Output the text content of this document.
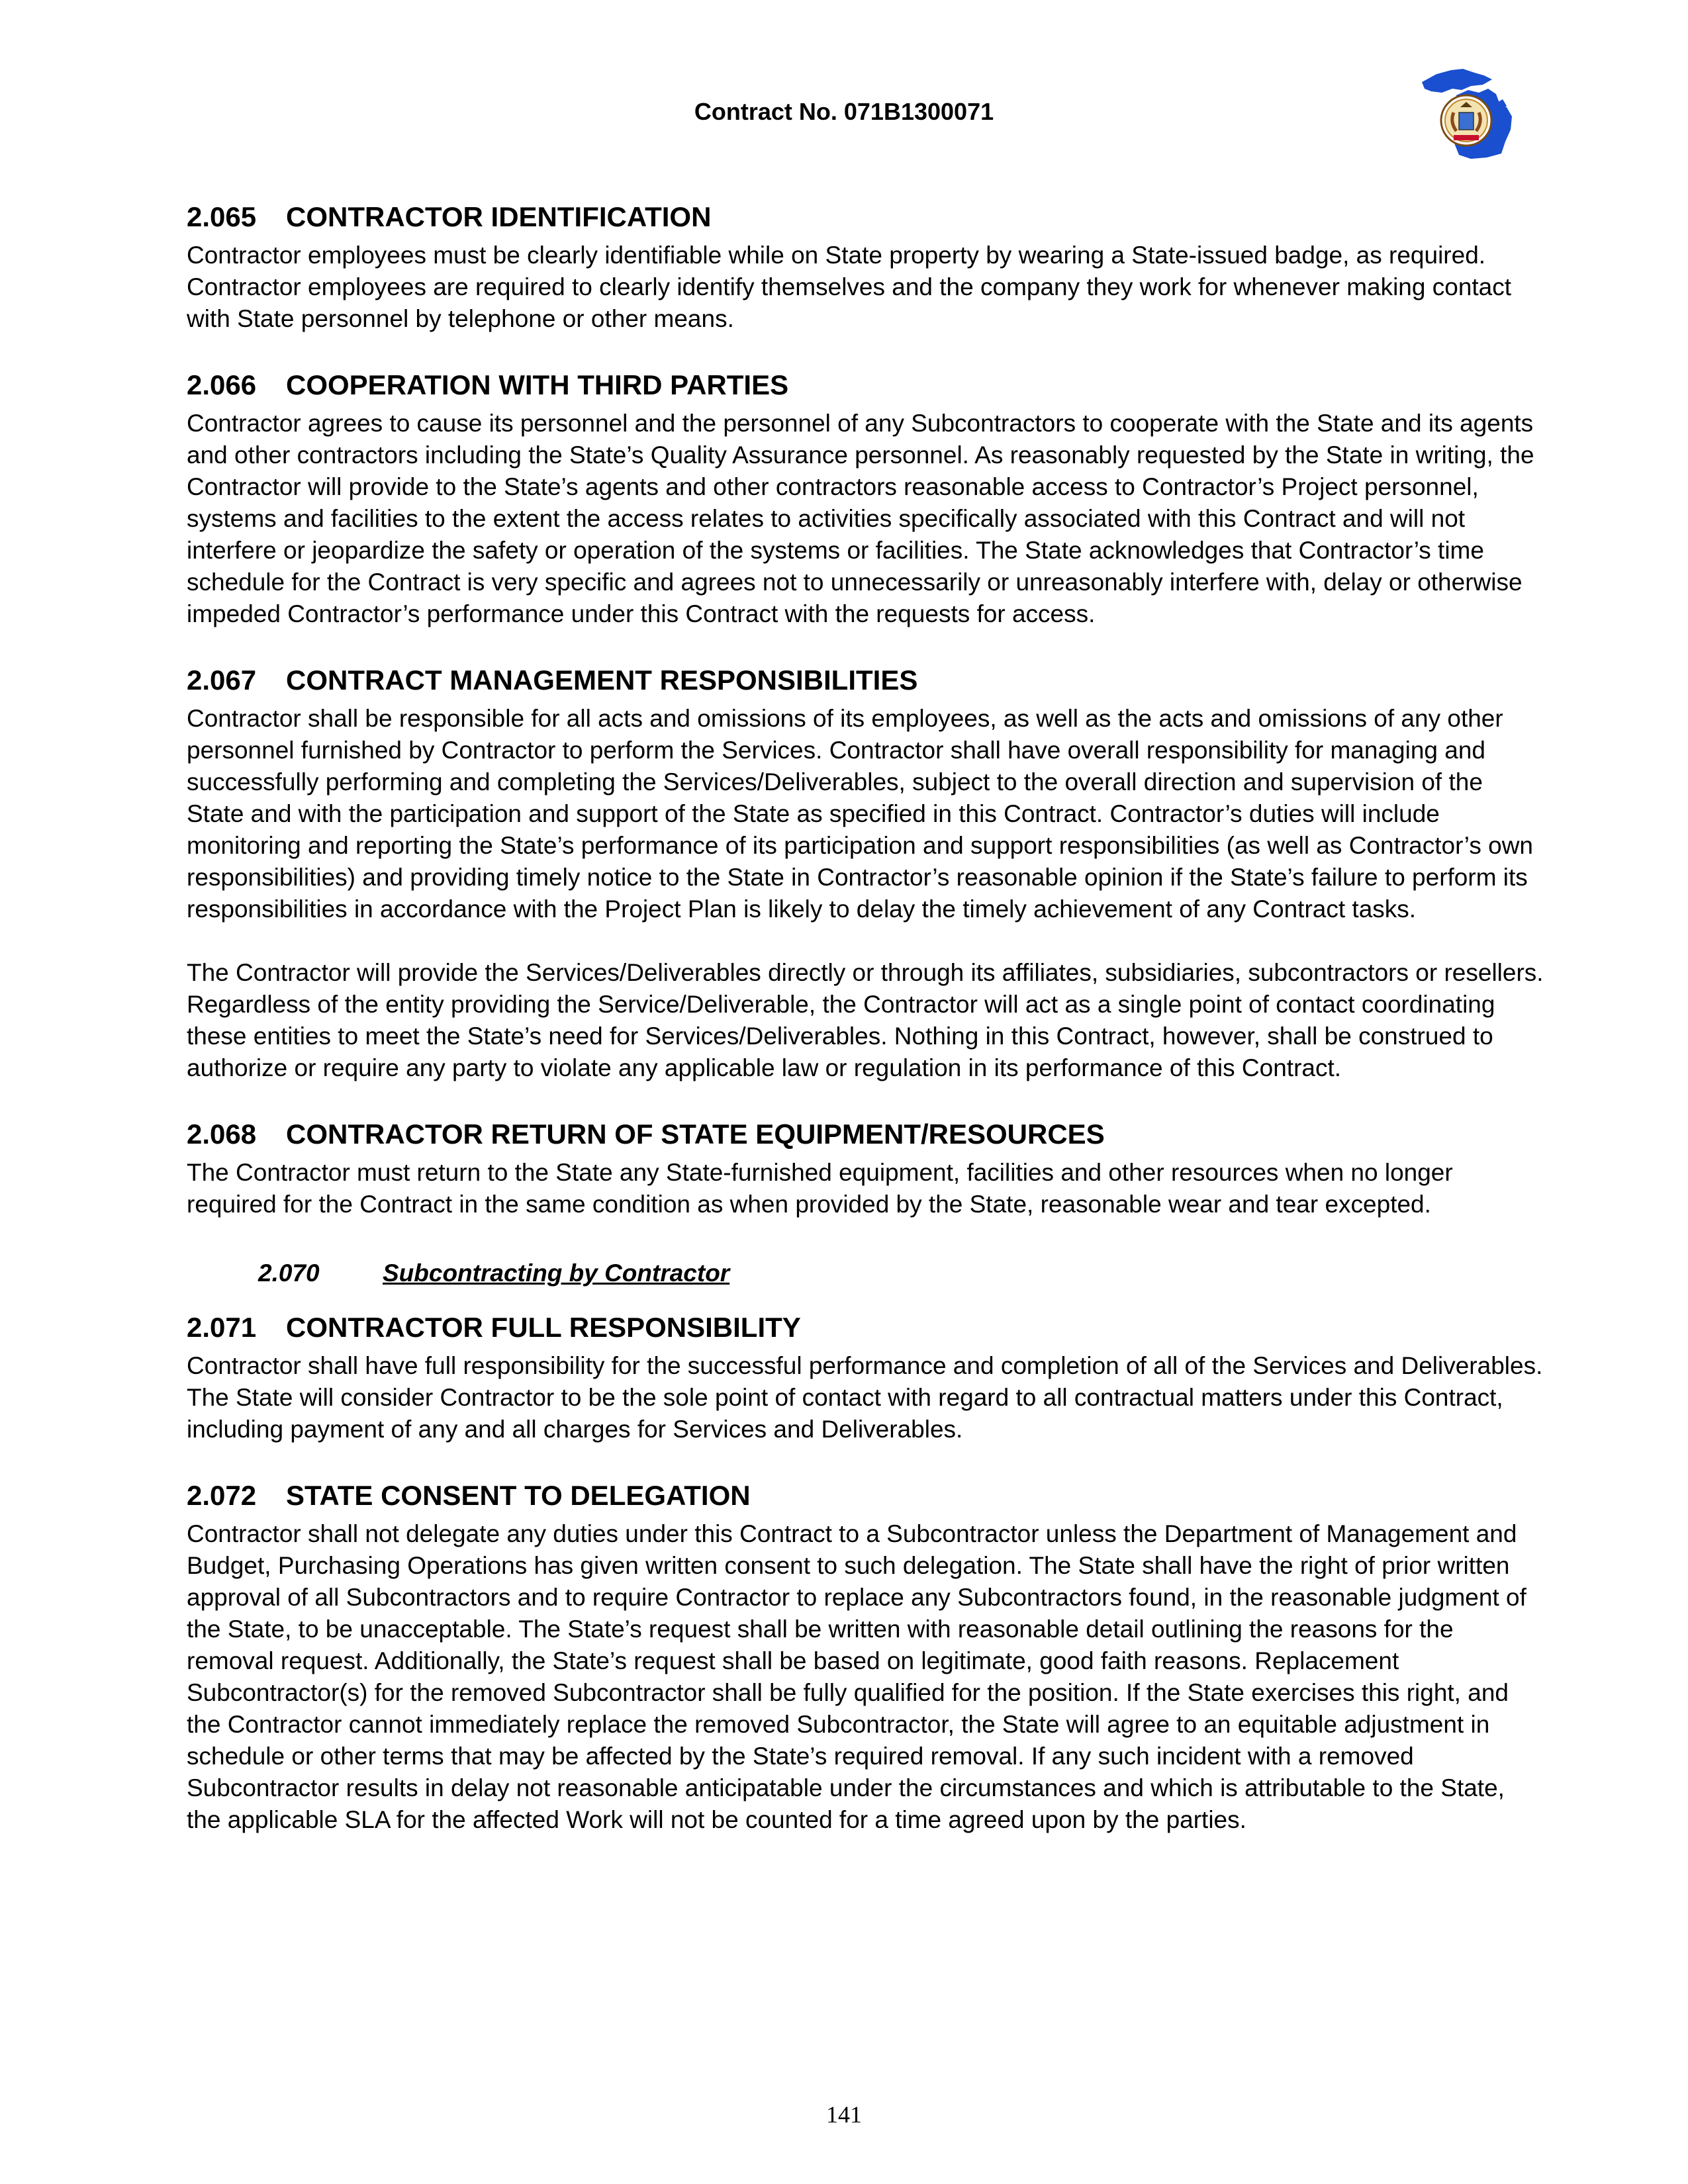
Contract No. 071B1300071
2.065 CONTRACTOR IDENTIFICATION

Contractor employees must be clearly identifiable while on State property by wearing a State-issued badge, as required. Contractor employees are required to clearly identify themselves and the company they work for whenever making contact with State personnel by telephone or other means.

2.066 COOPERATION WITH THIRD PARTIES

Contractor agrees to cause its personnel and the personnel of any Subcontractors to cooperate with the State and its agents and other contractors including the State’s Quality Assurance personnel. As reasonably requested by the State in writing, the Contractor will provide to the State’s agents and other contractors reasonable access to Contractor’s Project personnel, systems and facilities to the extent the access relates to activities specifically associated with this Contract and will not interfere or jeopardize the safety or operation of the systems or facilities. The State acknowledges that Contractor’s time schedule for the Contract is very specific and agrees not to unnecessarily or unreasonably interfere with, delay or otherwise impeded Contractor’s performance under this Contract with the requests for access.

2.067 CONTRACT MANAGEMENT RESPONSIBILITIES

Contractor shall be responsible for all acts and omissions of its employees, as well as the acts and omissions of any other personnel furnished by Contractor to perform the Services. Contractor shall have overall responsibility for managing and successfully performing and completing the Services/Deliverables, subject to the overall direction and supervision of the State and with the participation and support of the State as specified in this Contract. Contractor’s duties will include monitoring and reporting the State’s performance of its participation and support responsibilities (as well as Contractor’s own responsibilities) and providing timely notice to the State in Contractor’s reasonable opinion if the State’s failure to perform its responsibilities in accordance with the Project Plan is likely to delay the timely achievement of any Contract tasks.

The Contractor will provide the Services/Deliverables directly or through its affiliates, subsidiaries, subcontractors or resellers. Regardless of the entity providing the Service/Deliverable, the Contractor will act as a single point of contact coordinating these entities to meet the State’s need for Services/Deliverables. Nothing in this Contract, however, shall be construed to authorize or require any party to violate any applicable law or regulation in its performance of this Contract.

2.068 CONTRACTOR RETURN OF STATE EQUIPMENT/RESOURCES

The Contractor must return to the State any State-furnished equipment, facilities and other resources when no longer required for the Contract in the same condition as when provided by the State, reasonable wear and tear excepted.

2.070	Subcontracting by Contractor
2.071 CONTRACTOR FULL RESPONSIBILITY

Contractor shall have full responsibility for the successful performance and completion of all of the Services and Deliverables. The State will consider Contractor to be the sole point of contact with regard to all contractual matters under this Contract, including payment of any and all charges for Services and Deliverables.

2.072 STATE CONSENT TO DELEGATION

Contractor shall not delegate any duties under this Contract to a Subcontractor unless the Department of Management and Budget, Purchasing Operations has given written consent to such delegation. The State shall have the right of prior written approval of all Subcontractors and to require Contractor to replace any Subcontractors found, in the reasonable judgment of the State, to be unacceptable. The State’s request shall be written with reasonable detail outlining the reasons for the removal request. Additionally, the State’s request shall be based on legitimate, good faith reasons. Replacement Subcontractor(s) for the removed Subcontractor shall be fully qualified for the position. If the State exercises this right, and the Contractor cannot immediately replace the removed Subcontractor, the State will agree to an equitable adjustment in schedule or other terms that may be affected by the State’s required removal. If any such incident with a removed Subcontractor results in delay not reasonable anticipatable under the circumstances and which is attributable to the State, the applicable SLA for the affected Work will not be counted for a time agreed upon by the parties.

141
